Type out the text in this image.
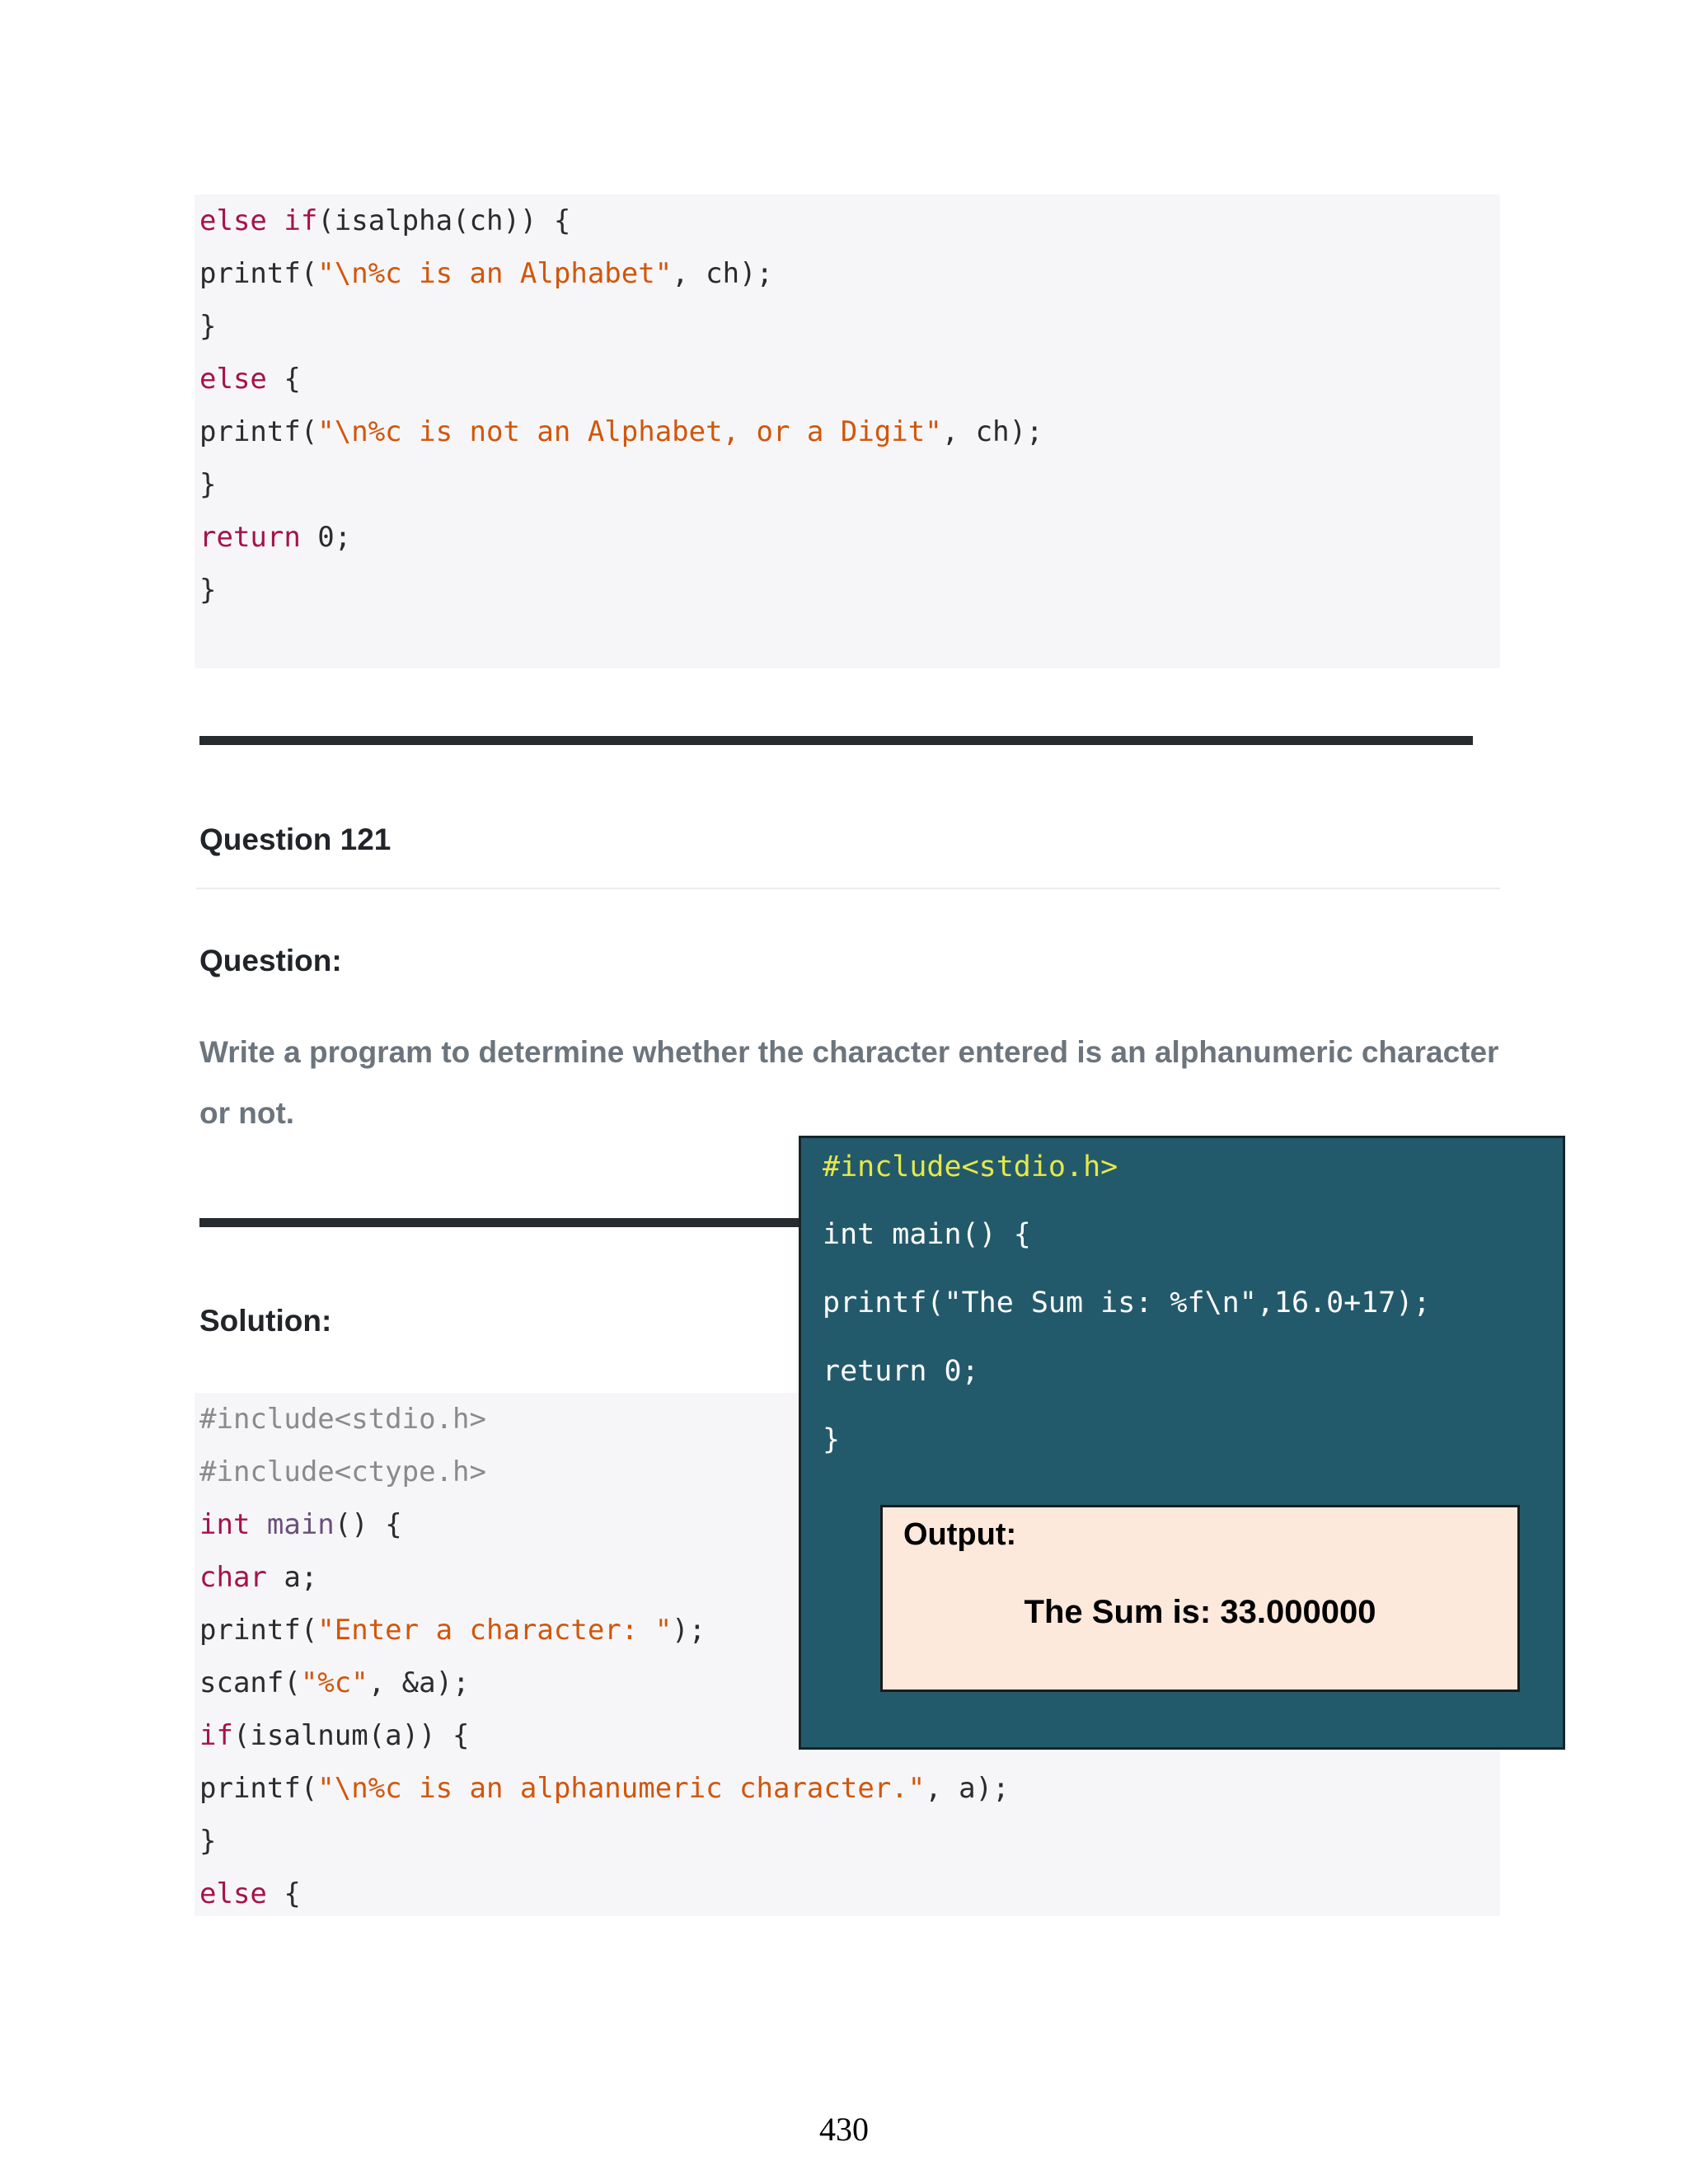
else if(isalpha(ch)) {
printf("\n%c is an Alphabet", ch);
}
else {
printf("\n%c is not an Alphabet, or a Digit", ch);
}
return 0;
}
Question 121
Question:
Write a program to determine whether the character entered is an alphanumeric character
or not.
Solution:
#include<stdio.h>
#include<ctype.h>
int main() {
char a;
printf("Enter a character: ");
scanf("%c", &a);
if(isalnum(a)) {
printf("\n%c is an alphanumeric character.", a);
}
else {
#include<stdio.h>
int main() {
printf("The Sum is: %f\n",16.0+17);
return 0;
}
Output:
The Sum is: 33.000000
430
